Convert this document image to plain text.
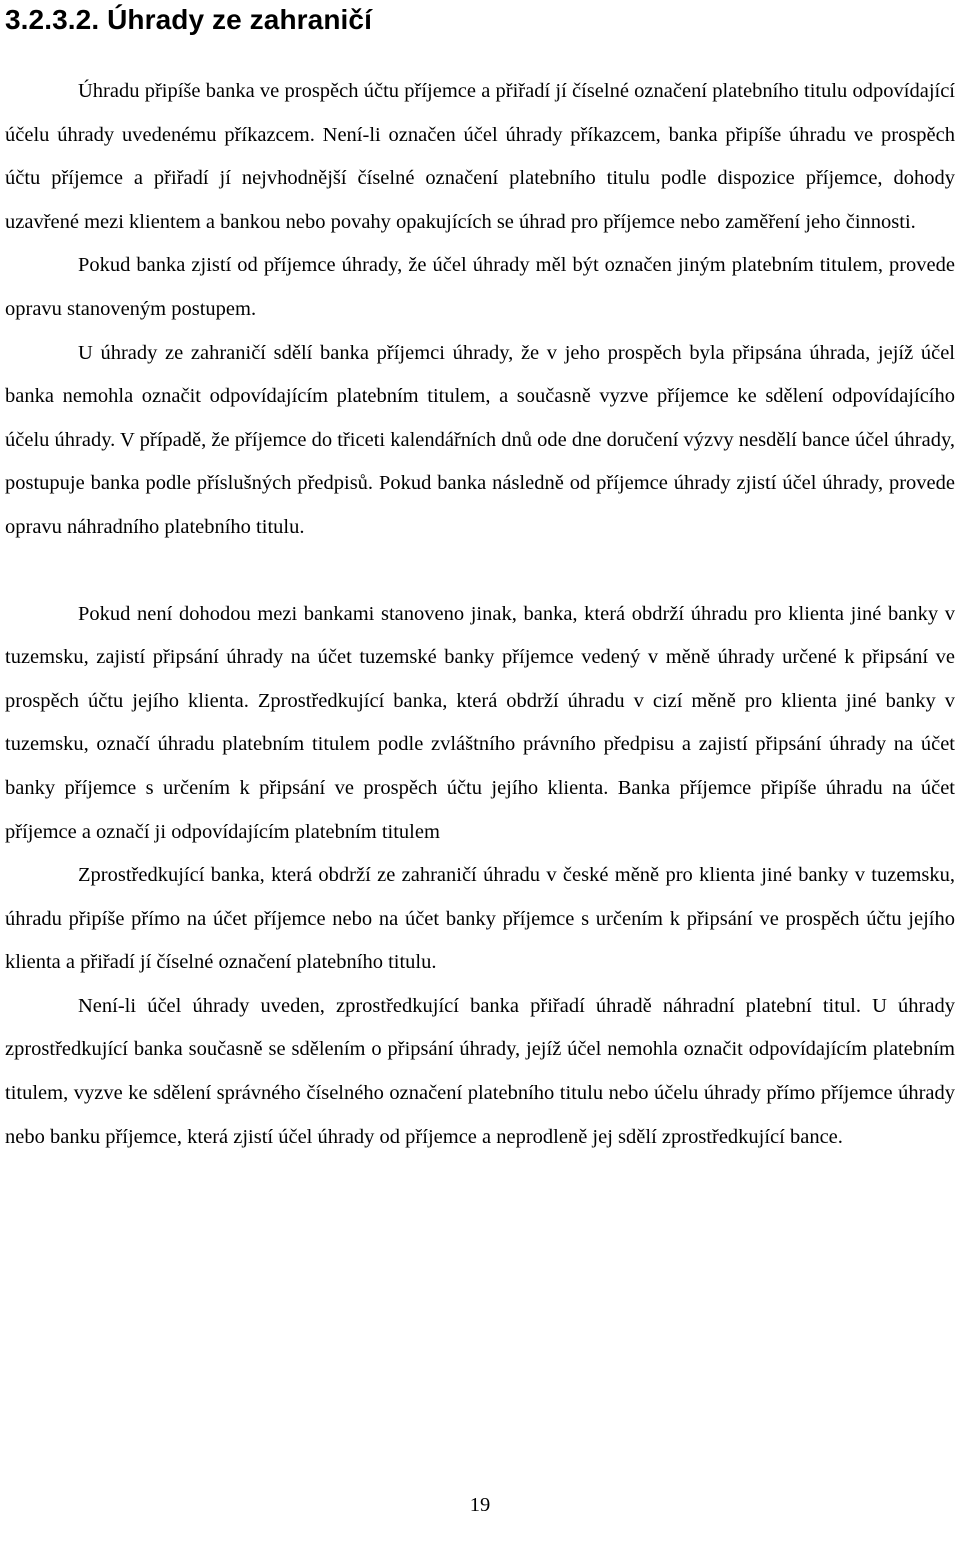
3.2.3.2. Úhrady ze zahraničí

Úhradu připíše banka ve prospěch účtu příjemce a přiřadí jí číselné označení platebního titulu odpovídající účelu úhrady uvedenému příkazcem. Není-li označen účel úhrady příkazcem, banka připíše úhradu ve prospěch účtu příjemce a přiřadí jí nejvhodnější číselné označení platebního titulu podle dispozice příjemce, dohody uzavřené mezi klientem a bankou nebo povahy opakujících se úhrad pro příjemce nebo zaměření jeho činnosti.

Pokud banka zjistí od příjemce úhrady, že účel úhrady měl být označen jiným platebním titulem, provede opravu stanoveným postupem.

U úhrady ze zahraničí sdělí banka příjemci úhrady, že v jeho prospěch byla připsána úhrada, jejíž účel banka nemohla označit odpovídajícím platebním titulem, a současně vyzve příjemce ke sdělení odpovídajícího účelu úhrady. V případě, že příjemce do třiceti kalendářních dnů ode dne doručení výzvy nesdělí bance účel úhrady, postupuje banka podle příslušných předpisů. Pokud banka následně od příjemce úhrady zjistí účel úhrady, provede opravu náhradního platebního titulu.

Pokud není dohodou mezi bankami stanoveno jinak, banka, která obdrží úhradu pro klienta jiné banky v tuzemsku, zajistí připsání úhrady na účet tuzemské banky příjemce vedený v měně úhrady určené k připsání ve prospěch účtu jejího klienta. Zprostředkující banka, která obdrží úhradu v cizí měně pro klienta jiné banky v tuzemsku, označí úhradu platebním titulem podle zvláštního právního předpisu a zajistí připsání úhrady na účet banky příjemce s určením k připsání ve prospěch účtu jejího klienta. Banka příjemce připíše úhradu na účet příjemce a označí ji odpovídajícím platebním titulem

Zprostředkující banka, která obdrží ze zahraničí úhradu v české měně pro klienta jiné banky v tuzemsku, úhradu připíše přímo na účet příjemce nebo na účet banky příjemce s určením k připsání ve prospěch účtu jejího klienta a přiřadí jí číselné označení platebního titulu.

Není-li účel úhrady uveden, zprostředkující banka přiřadí úhradě náhradní platební titul. U úhrady zprostředkující banka současně se sdělením o připsání úhrady, jejíž účel nemohla označit odpovídajícím platebním titulem, vyzve ke sdělení správného číselného označení platebního titulu nebo účelu úhrady přímo příjemce úhrady nebo banku příjemce, která zjistí účel úhrady od příjemce a neprodleně jej sdělí zprostředkující bance.

19
